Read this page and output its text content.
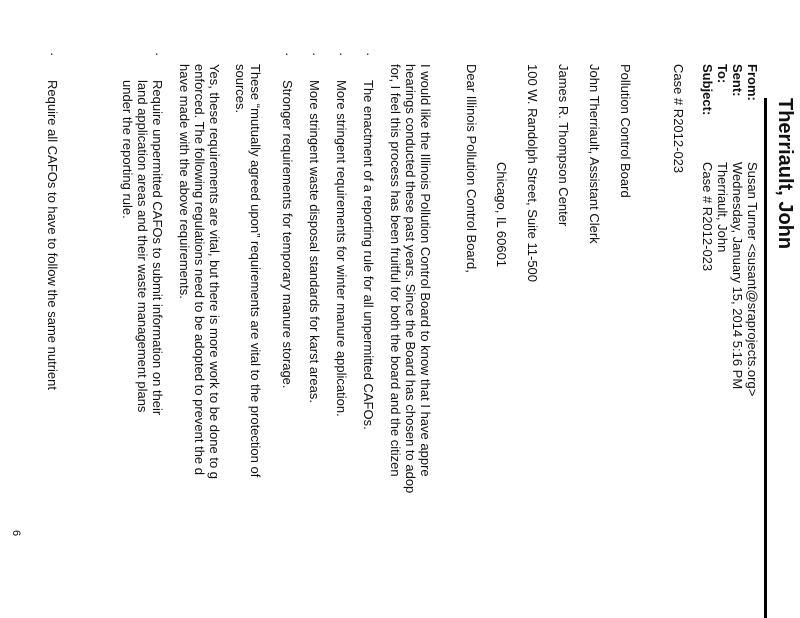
Therriault, John
From:
Susan Turner <susant@sraprojects.org>
Sent:
Wednesday, January 15, 2014 5:16 PM
To:
Therriault, John
Subject:
Case # R2012-023
Case # R2012-023
Pollution Control Board
John Therriault, Assistant Clerk
James R. Thompson Center
100 W. Randolph Street, Suite 11-500
Chicago, IL 60601
Dear Illinois Pollution Control Board,
I would like the Illinois Pollution Control Board to know that I have appre
hearings conducted these past years. Since the Board has chosen to adop
for, I feel this process has been fruitful for both the board and the citizen
·
The enactment of a reporting rule for all unpermitted CAFOs.
·
More stringent requirements for winter manure application.
·
More stringent waste disposal standards for karst areas.
·
Stronger requirements for temporary manure storage.
These “mutually agreed upon” requirements are vital to the protection of
sources.
Yes, these requirements are vital, but there is more work to be done to g
enforced. The following regulations need to be adopted to prevent the d
have made with the above requirements.
·
Require unpermitted CAFOs to submit information on their
land application areas and their waste management plans
under the reporting rule.
·
Require all CAFOs to have to follow the same nutrient
6
